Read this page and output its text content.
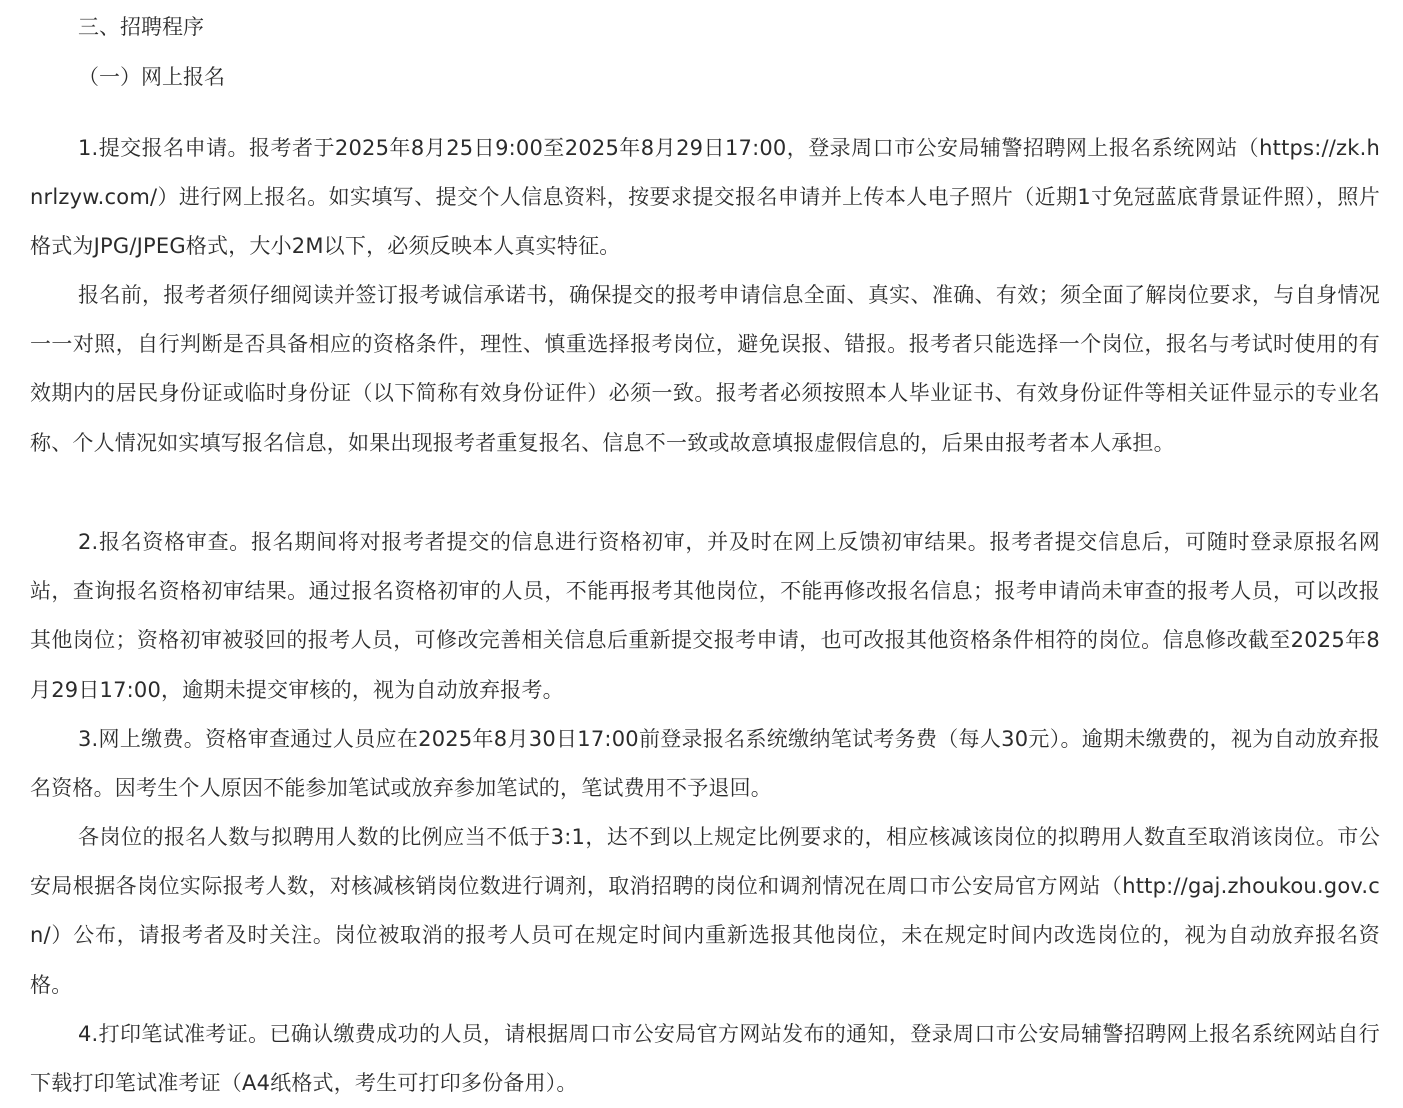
三、招聘程序
（一）网上报名

1.提交报名申请。报考者于2025年8月25日9:00至2025年8月29日17:00，登录周口市公安局辅警招聘网上报名系统网站（https://zk.hnrlzyw.com/）进行网上报名。如实填写、提交个人信息资料，按要求提交报名申请并上传本人电子照片（近期1寸免冠蓝底背景证件照），照片格式为JPG/JPEG格式，大小2M以下，必须反映本人真实特征。

报名前，报考者须仔细阅读并签订报考诚信承诺书，确保提交的报考申请信息全面、真实、准确、有效；须全面了解岗位要求，与自身情况一一对照，自行判断是否具备相应的资格条件，理性、慎重选择报考岗位，避免误报、错报。报考者只能选择一个岗位，报名与考试时使用的有效期内的居民身份证或临时身份证（以下简称有效身份证件）必须一致。报考者必须按照本人毕业证书、有效身份证件等相关证件显示的专业名称、个人情况如实填写报名信息，如果出现报考者重复报名、信息不一致或故意填报虚假信息的，后果由报考者本人承担。

2.报名资格审查。报名期间将对报考者提交的信息进行资格初审，并及时在网上反馈初审结果。报考者提交信息后，可随时登录原报名网站，查询报名资格初审结果。通过报名资格初审的人员，不能再报考其他岗位，不能再修改报名信息；报考申请尚未审查的报考人员，可以改报其他岗位；资格初审被驳回的报考人员，可修改完善相关信息后重新提交报考申请，也可改报其他资格条件相符的岗位。信息修改截至2025年8月29日17:00，逾期未提交审核的，视为自动放弃报考。

3.网上缴费。资格审查通过人员应在2025年8月30日17:00前登录报名系统缴纳笔试考务费（每人30元）。逾期未缴费的，视为自动放弃报名资格。因考生个人原因不能参加笔试或放弃参加笔试的，笔试费用不予退回。

各岗位的报名人数与拟聘用人数的比例应当不低于3:1，达不到以上规定比例要求的，相应核减该岗位的拟聘用人数直至取消该岗位。市公安局根据各岗位实际报考人数，对核减核销岗位数进行调剂，取消招聘的岗位和调剂情况在周口市公安局官方网站（http://gaj.zhoukou.gov.cn/）公布，请报考者及时关注。岗位被取消的报考人员可在规定时间内重新选报其他岗位，未在规定时间内改选岗位的，视为自动放弃报名资格。

4.打印笔试准考证。已确认缴费成功的人员，请根据周口市公安局官方网站发布的通知，登录周口市公安局辅警招聘网上报名系统网站自行下载打印笔试准考证（A4纸格式，考生可打印多份备用）。
